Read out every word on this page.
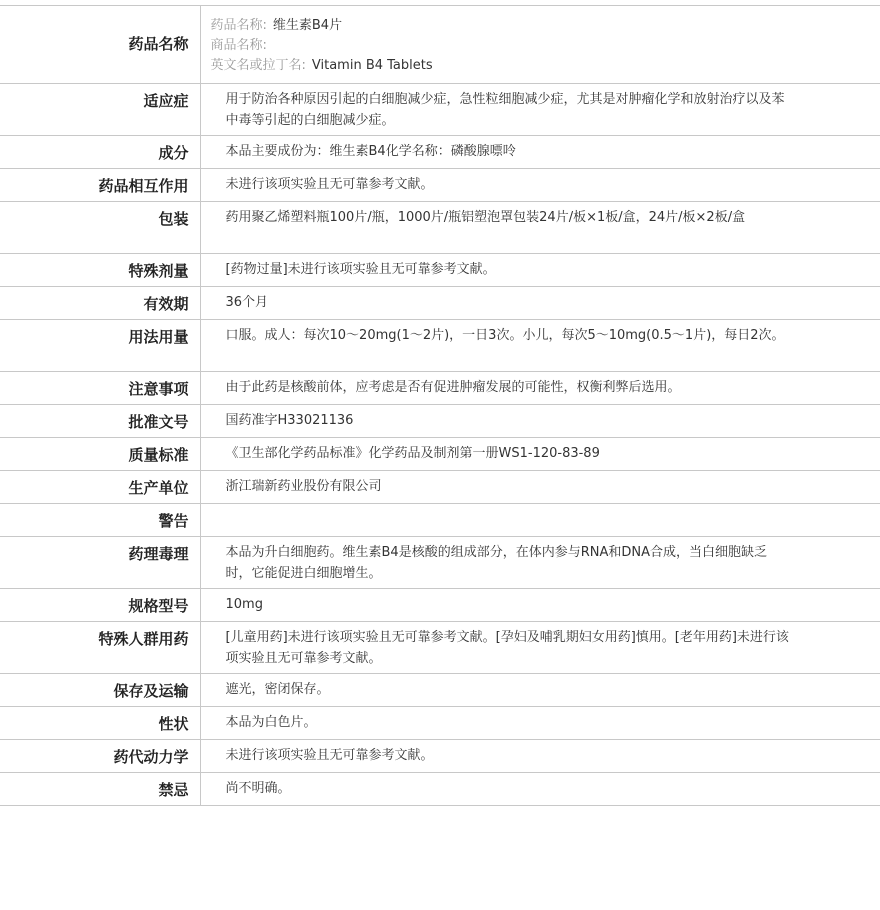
药品名称	药品名称: 维生素B4片
商品名称:
英文名或拉丁名: Vitamin B4 Tablets

适应症	用于防治各种原因引起的白细胞减少症，急性粒细胞减少症，尤其是对肿瘤化学和放射治疗以及苯中毒等引起的白细胞减少症。

成分	本品主要成份为：维生素B4化学名称：磷酸腺嘌呤

药品相互作用	未进行该项实验且无可靠参考文献。

包装	药用聚乙烯塑料瓶100片/瓶，1000片/瓶铝塑泡罩包装24片/板×1板/盒，24片/板×2板/盒

特殊剂量	[药物过量]未进行该项实验且无可靠参考文献。

有效期	36个月

用法用量	口服。成人：每次10～20mg(1～2片)，一日3次。小儿，每次5～10mg(0.5～1片)，每日2次。

注意事项	由于此药是核酸前体，应考虑是否有促进肿瘤发展的可能性，权衡利弊后选用。

批准文号	国药准字H33021136

质量标准	《卫生部化学药品标准》化学药品及制剂第一册WS1-120-83-89

生产单位	浙江瑞新药业股份有限公司

警告	

药理毒理	本品为升白细胞药。维生素B4是核酸的组成部分，在体内参与RNA和DNA合成，当白细胞缺乏时，它能促进白细胞增生。

规格型号	10mg

特殊人群用药	[儿童用药]未进行该项实验且无可靠参考文献。[孕妇及哺乳期妇女用药]慎用。[老年用药]未进行该项实验且无可靠参考文献。

保存及运输	遮光，密闭保存。

性状	本品为白色片。

药代动力学	未进行该项实验且无可靠参考文献。

禁忌	尚不明确。
